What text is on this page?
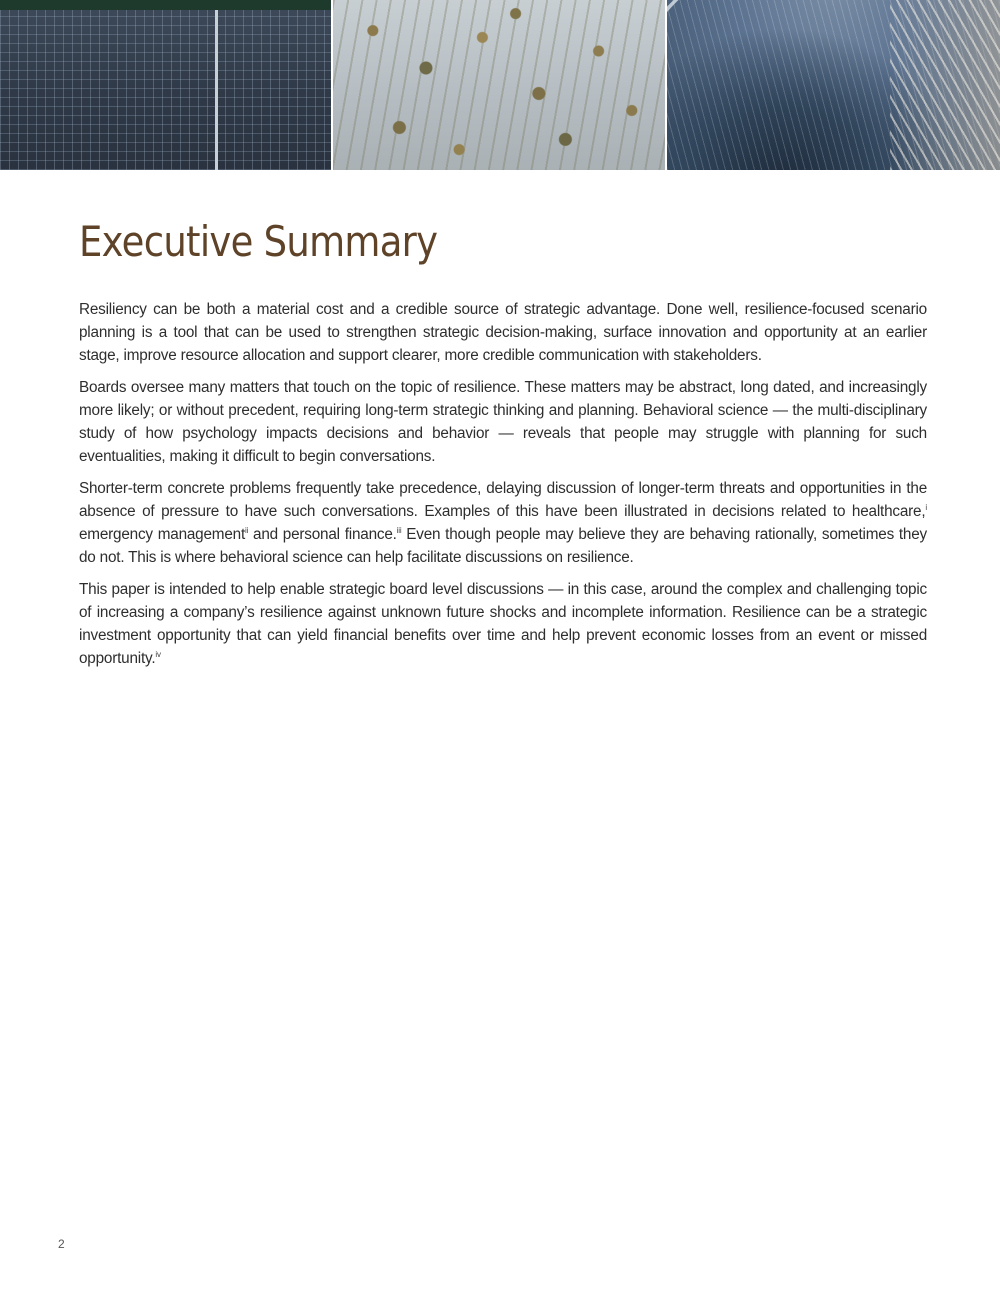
Executive Summary

Resiliency can be both a material cost and a credible source of strategic advantage. Done well, resilience-focused scenario planning is a tool that can be used to strengthen strategic decision-making, surface innovation and opportunity at an earlier stage, improve resource allocation and support clearer, more credible communication with stakeholders.

Boards oversee many matters that touch on the topic of resilience. These matters may be abstract, long dated, and increasingly more likely; or without precedent, requiring long-term strategic thinking and planning. Behavioral science — the multi-disciplinary study of how psychology impacts decisions and behavior — reveals that people may struggle with planning for such eventualities, making it difficult to begin conversations.

Shorter-term concrete problems frequently take precedence, delaying discussion of longer-term threats and opportunities in the absence of pressure to have such conversations. Examples of this have been illustrated in decisions related to healthcare,$^i$ emergency management$^{ii}$ and personal finance.$^{iii}$ Even though people may believe they are behaving rationally, sometimes they do not. This is where behavioral science can help facilitate discussions on resilience.

This paper is intended to help enable strategic board level discussions — in this case, around the complex and challenging topic of increasing a company’s resilience against unknown future shocks and incomplete information. Resilience can be a strategic investment opportunity that can yield financial benefits over time and help prevent economic losses from an event or missed opportunity.$^{iv}$

2
